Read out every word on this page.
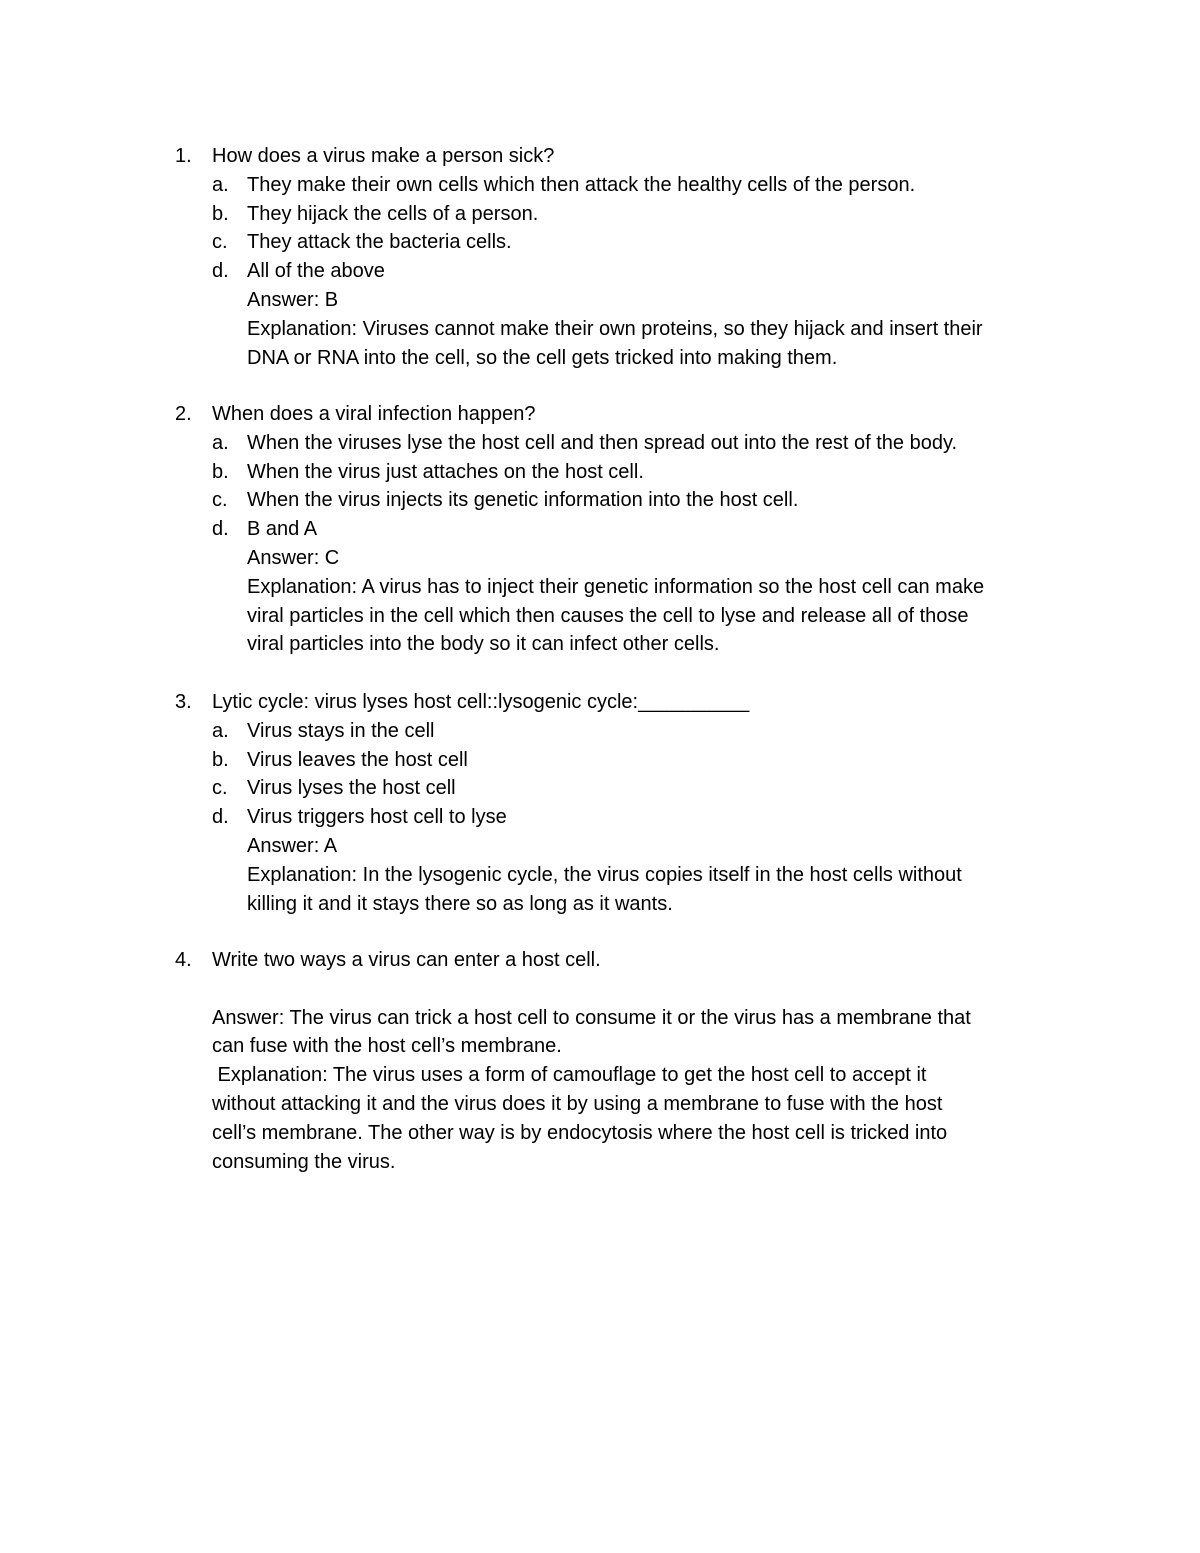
1.	How does a virus make a person sick?
a. They make their own cells which then attack the healthy cells of the person.
b. They hijack the cells of a person.
c. They attack the bacteria cells.
d. All of the above
Answer: B
Explanation: Viruses cannot make their own proteins, so they hijack and insert their
DNA or RNA into the cell, so the cell gets tricked into making them.
2.	When does a viral infection happen?
a. When the viruses lyse the host cell and then spread out into the rest of the body.
b. When the virus just attaches on the host cell.
c. When the virus injects its genetic information into the host cell.
d. B and A
Answer: C
Explanation: A virus has to inject their genetic information so the host cell can make
viral particles in the cell which then causes the cell to lyse and release all of those
viral particles into the body so it can infect other cells.
3.	Lytic cycle: virus lyses host cell::lysogenic cycle:__________
a. Virus stays in the cell
b. Virus leaves the host cell
c. Virus lyses the host cell
d. Virus triggers host cell to lyse
Answer: A
Explanation: In the lysogenic cycle, the virus copies itself in the host cells without
killing it and it stays there so as long as it wants.
4.	Write two ways a virus can enter a host cell.
Answer: The virus can trick a host cell to consume it or the virus has a membrane that
can fuse with the host cell’s membrane.
Explanation: The virus uses a form of camouflage to get the host cell to accept it
without attacking it and the virus does it by using a membrane to fuse with the host
cell’s membrane. The other way is by endocytosis where the host cell is tricked into
consuming the virus.
